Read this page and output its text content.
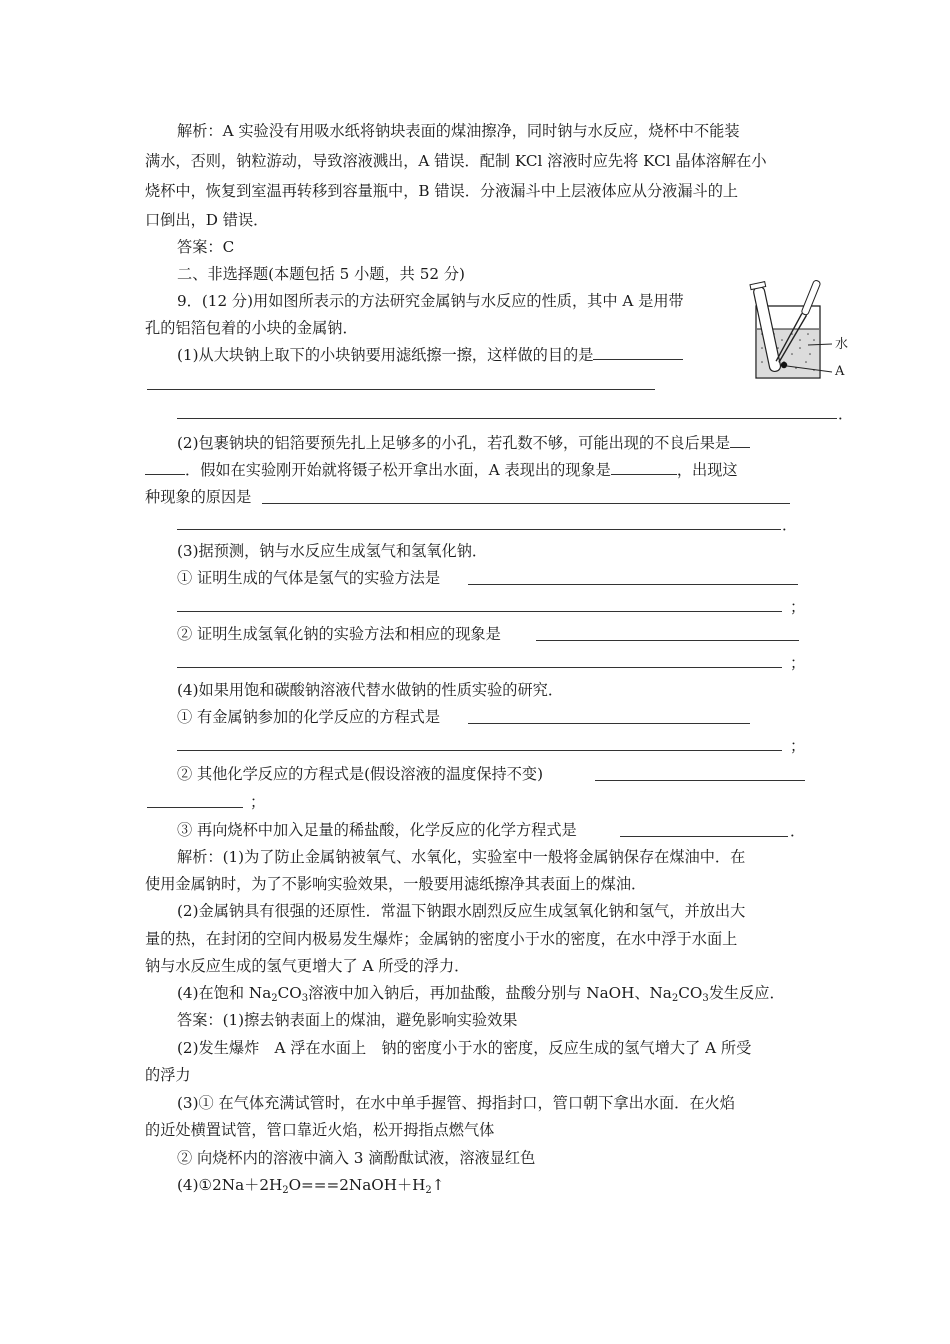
解析：A 实验没有用吸水纸将钠块表面的煤油擦净，同时钠与水反应，烧杯中不能装
满水，否则，钠粒游动，导致溶液溅出，A 错误．配制 KCl 溶液时应先将 KCl 晶体溶解在小
烧杯中，恢复到室温再转移到容量瓶中，B 错误．分液漏斗中上层液体应从分液漏斗的上
口倒出，D 错误．
答案：C
二、非选择题(本题包括 5 小题，共 52 分)
9．(12 分)用如图所表示的方法研究金属钠与水反应的性质，其中 A 是用带
孔的铝箔包着的小块的金属钠．
水
A
(1)从大块钠上取下的小块钠要用滤纸擦一擦，这样做的目的是
．
(2)包裹钠块的铝箔要预先扎上足够多的小孔，若孔数不够，可能出现的不良后果是
．假如在实验刚开始就将镊子松开拿出水面，A 表现出的现象是	，出现这
种现象的原因是
．
(3)据预测，钠与水反应生成氢气和氢氧化钠．
① 证明生成的气体是氢气的实验方法是
；
② 证明生成氢氧化钠的实验方法和相应的现象是
；
(4)如果用饱和碳酸钠溶液代替水做钠的性质实验的研究．
① 有金属钠参加的化学反应的方程式是
；
② 其他化学反应的方程式是(假设溶液的温度保持不变)
；
③ 再向烧杯中加入足量的稀盐酸，化学反应的化学方程式是	．
解析：(1)为了防止金属钠被氧气、水氧化，实验室中一般将金属钠保存在煤油中．在
使用金属钠时，为了不影响实验效果，一般要用滤纸擦净其表面上的煤油．
(2)金属钠具有很强的还原性．常温下钠跟水剧烈反应生成氢氧化钠和氢气，并放出大
量的热，在封闭的空间内极易发生爆炸；金属钠的密度小于水的密度，在水中浮于水面上
钠与水反应生成的氢气更增大了 A 所受的浮力．
(4)在饱和 $Na_2CO_3$溶液中加入钠后，再加盐酸，盐酸分别与 NaOH、$Na_2CO_3$发生反应．
答案：(1)擦去钠表面上的煤油，避免影响实验效果
(2)发生爆炸　A 浮在水面上　钠的密度小于水的密度，反应生成的氢气增大了 A 所受
的浮力
(3)① 在气体充满试管时，在水中单手握管、拇指封口，管口朝下拿出水面．在火焰
的近处横置试管，管口靠近火焰，松开拇指点燃气体
② 向烧杯内的溶液中滴入 3 滴酚酞试液，溶液显红色
$(4)①2Na+2H_2O===2NaOH+H_2↑$
